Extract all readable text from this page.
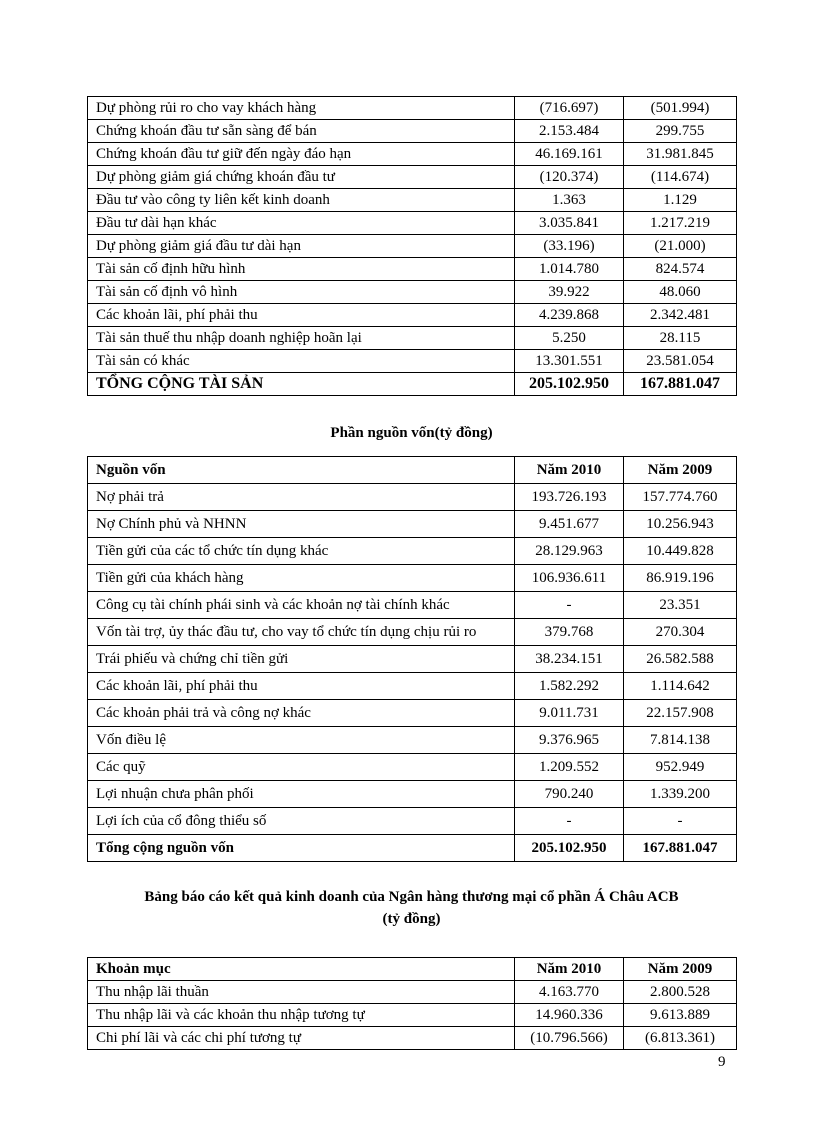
Dự phòng rủi ro cho vay khách hàng	(716.697)	(501.994)
Chứng khoán đầu tư sẵn sàng để bán	2.153.484	299.755
Chứng khoán đầu tư giữ đến ngày đáo hạn	46.169.161	31.981.845
Dự phòng giảm giá chứng khoán đầu tư	(120.374)	(114.674)
Đầu tư vào công ty liên kết kinh doanh	1.363	1.129
Đầu tư dài hạn khác	3.035.841	1.217.219
Dự phòng giảm giá đầu tư dài hạn	(33.196)	(21.000)
Tài sản cố định hữu hình	1.014.780	824.574
Tài sản cố định vô hình	39.922	48.060
Các khoản lãi, phí phải thu	4.239.868	2.342.481
Tài sản thuế thu nhập doanh nghiệp hoãn lại	5.250	28.115
Tài sản có khác	13.301.551	23.581.054
TỔNG CỘNG TÀI SẢN	205.102.950	167.881.047
Phần nguồn vốn(tỷ đồng)
Nguồn vốn	Năm 2010	Năm 2009
Nợ phải trả	193.726.193	157.774.760
Nợ Chính phủ và NHNN	9.451.677	10.256.943
Tiền gửi của các tổ chức tín dụng khác	28.129.963	10.449.828
Tiền gửi của khách hàng	106.936.611	86.919.196
Công cụ tài chính phái sinh và các khoản nợ tài chính khác	-	23.351
Vốn tài trợ, ủy thác đầu tư, cho vay tổ chức tín dụng chịu rủi ro	379.768	270.304
Trái phiếu và chứng chỉ tiền gửi	38.234.151	26.582.588
Các khoản lãi, phí phải thu	1.582.292	1.114.642
Các khoản phải trả và công nợ khác	9.011.731	22.157.908
Vốn điều lệ	9.376.965	7.814.138
Các quỹ	1.209.552	952.949
Lợi nhuận chưa phân phối	790.240	1.339.200
Lợi ích của cổ đông thiểu số	-	-
Tổng cộng nguồn vốn	205.102.950	167.881.047
Bảng báo cáo kết quả kinh doanh của Ngân hàng thương mại cổ phần Á Châu ACB
(tỷ đồng)
Khoản mục	Năm 2010	Năm 2009
Thu nhập lãi thuần	4.163.770	2.800.528
Thu nhập lãi và các khoản thu nhập tương tự	14.960.336	9.613.889
Chi phí lãi và các chi phí tương tự	(10.796.566)	(6.813.361)
9
